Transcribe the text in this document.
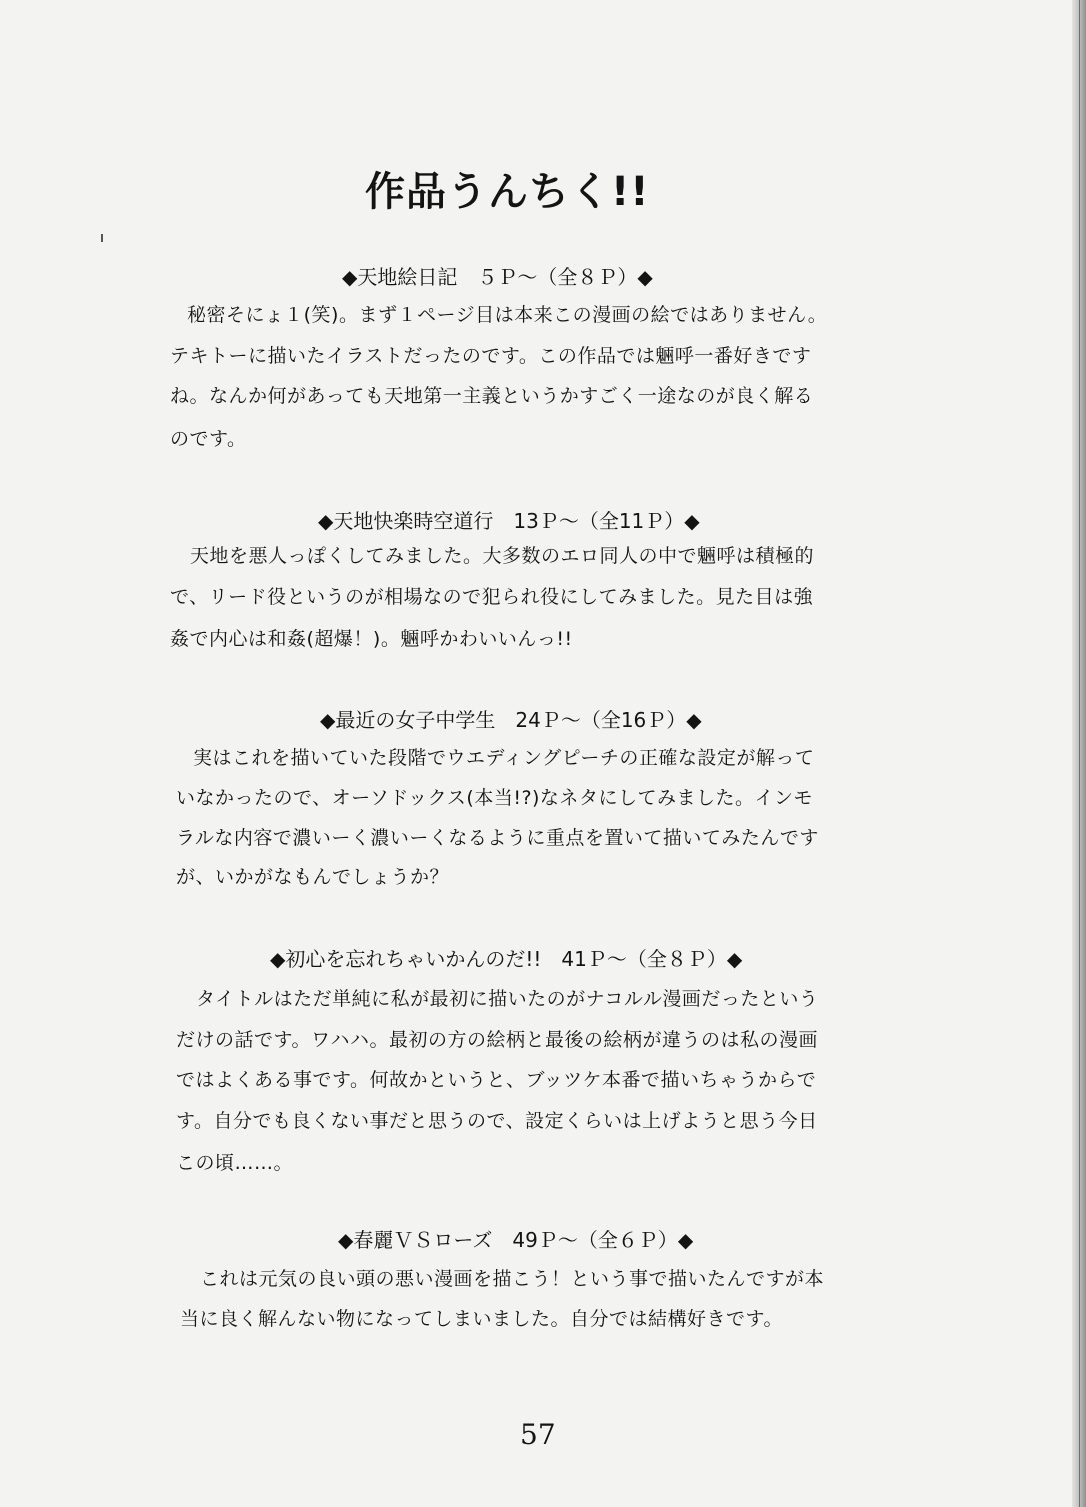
作品うんちく!!
◆天地絵日記　５Ｐ～（全８Ｐ）◆
秘密そにょ１(笑)。まず１ページ目は本来この漫画の絵ではありません。
テキトーに描いたイラストだったのです。この作品では魎呼一番好きです
ね。なんか何があっても天地第一主義というかすごく一途なのが良く解る
のです。
◆天地快楽時空道行　13Ｐ～（全11Ｐ）◆
天地を悪人っぽくしてみました。大多数のエロ同人の中で魎呼は積極的
で、リード役というのが相場なので犯られ役にしてみました。見た目は強
姦で内心は和姦(超爆！)。魎呼かわいいんっ!!
◆最近の女子中学生　24Ｐ～（全16Ｐ）◆
実はこれを描いていた段階でウエディングピーチの正確な設定が解って
いなかったので、オーソドックス(本当!?)なネタにしてみました。インモ
ラルな内容で濃いーく濃いーくなるように重点を置いて描いてみたんです
が、いかがなもんでしょうか？
◆初心を忘れちゃいかんのだ!!　41Ｐ～（全８Ｐ）◆
タイトルはただ単純に私が最初に描いたのがナコルル漫画だったという
だけの話です。ワハハ。最初の方の絵柄と最後の絵柄が違うのは私の漫画
ではよくある事です。何故かというと、ブッツケ本番で描いちゃうからで
す。自分でも良くない事だと思うので、設定くらいは上げようと思う今日
この頃……。
◆春麗ＶＳローズ　49Ｐ～（全６Ｐ）◆
これは元気の良い頭の悪い漫画を描こう！という事で描いたんですが本
当に良く解んない物になってしまいました。自分では結構好きです。
57
